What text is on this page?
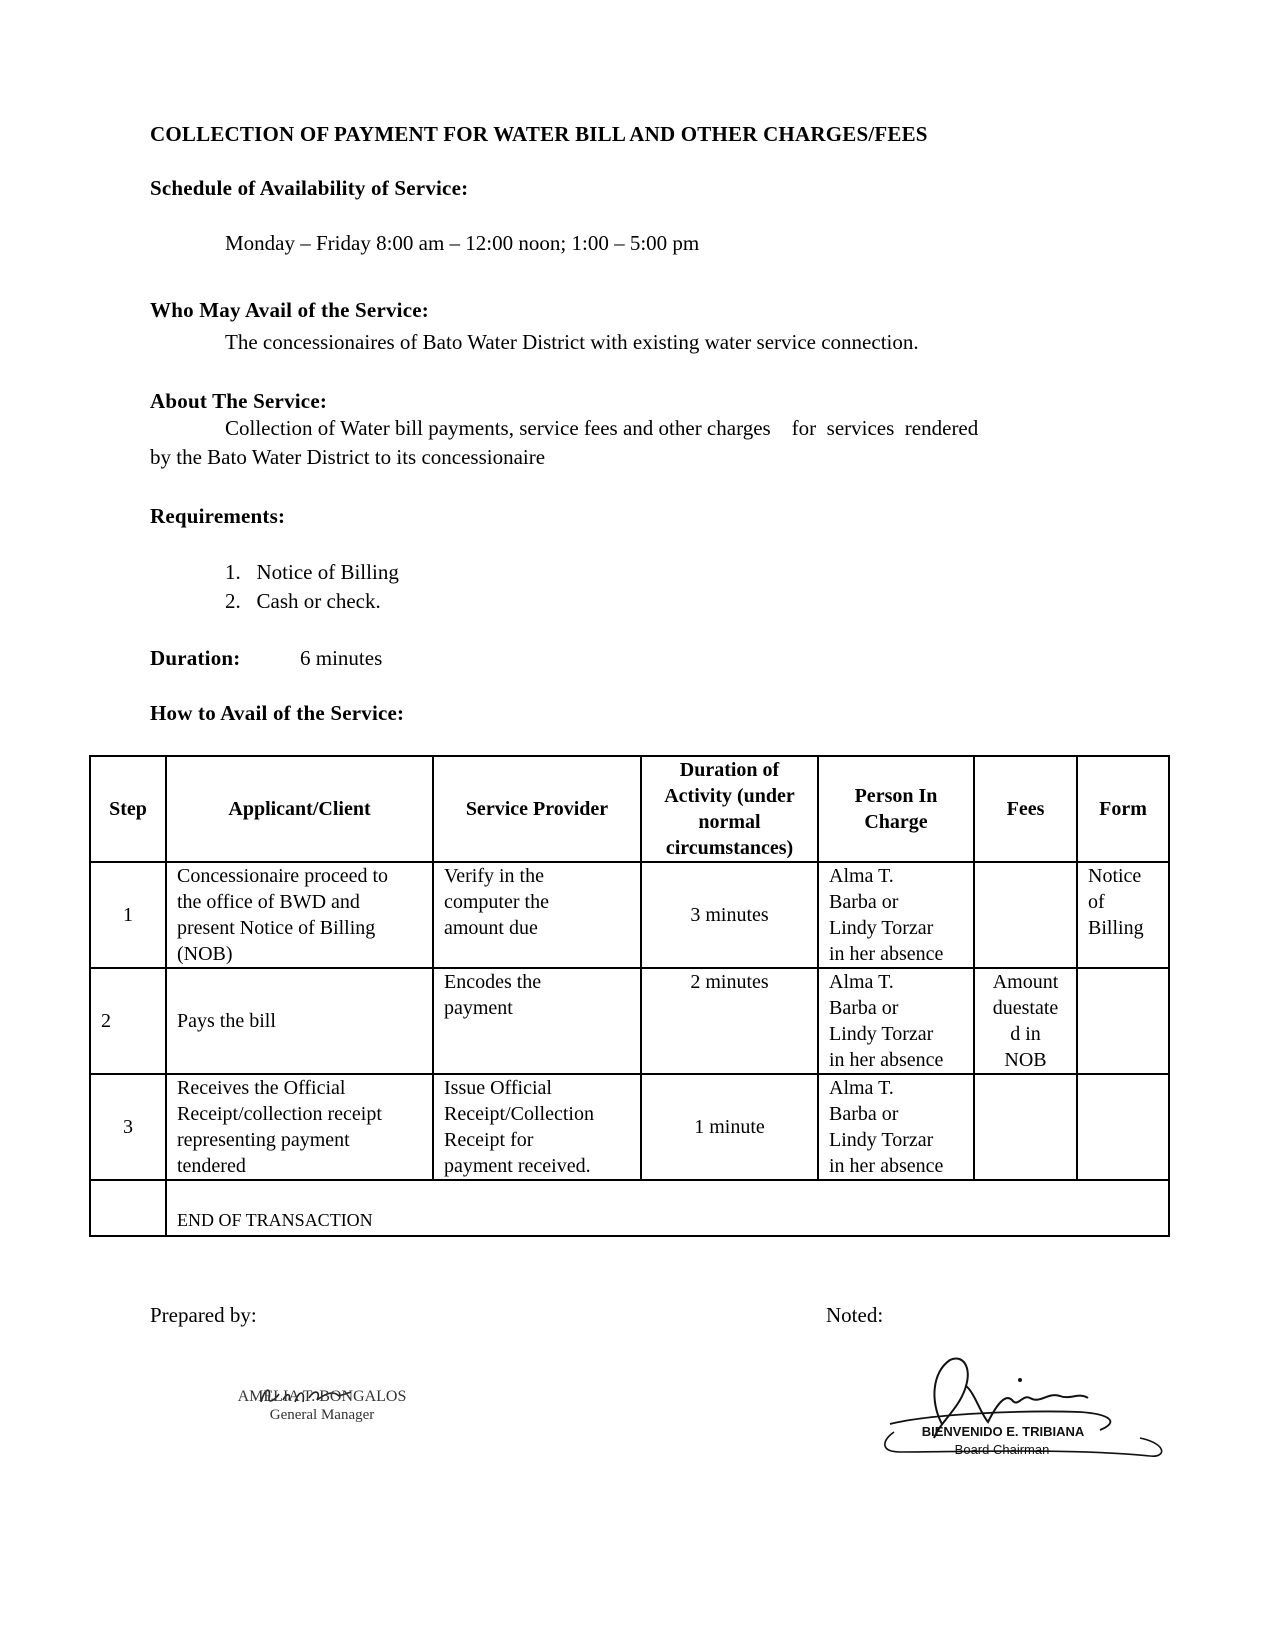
COLLECTION OF PAYMENT FOR WATER BILL AND OTHER CHARGES/FEES
Schedule of Availability of Service:
Monday – Friday 8:00 am – 12:00 noon; 1:00 – 5:00 pm
Who May Avail of the Service:
The concessionaires of Bato Water District with existing water service connection.
About The Service:
Collection of Water bill payments, service fees and other charges    for  services  rendered
by the Bato Water District to its concessionaire
Requirements:
1.   Notice of Billing
2.   Cash or check.
Duration:	6 minutes
How to Avail of the Service:
Step	Applicant/Client	Service Provider	Duration of
Activity (under
normal
circumstances)	Person In
Charge	Fees	Form
1	Concessionaire proceed to
the office of BWD and
present Notice of Billing
(NOB)	Verify in the
computer the
amount due	3 minutes	Alma T.
Barba or
Lindy Torzar
in her absence		Notice
of
Billing
2	Pays the bill	Encodes the
payment	2 minutes	Alma T.
Barba or
Lindy Torzar
in her absence	Amount
duestate
d in
NOB	
3	Receives the Official
Receipt/collection receipt
representing payment
tendered	Issue Official
Receipt/Collection
Receipt for
payment received.	1 minute	Alma T.
Barba or
Lindy Torzar
in her absence		
	END OF TRANSACTION					
Prepared by:	Noted:
AMELIA T. BONGALOS
General Manager
BIENVENIDO E. TRIBIANA
Board Chairman
